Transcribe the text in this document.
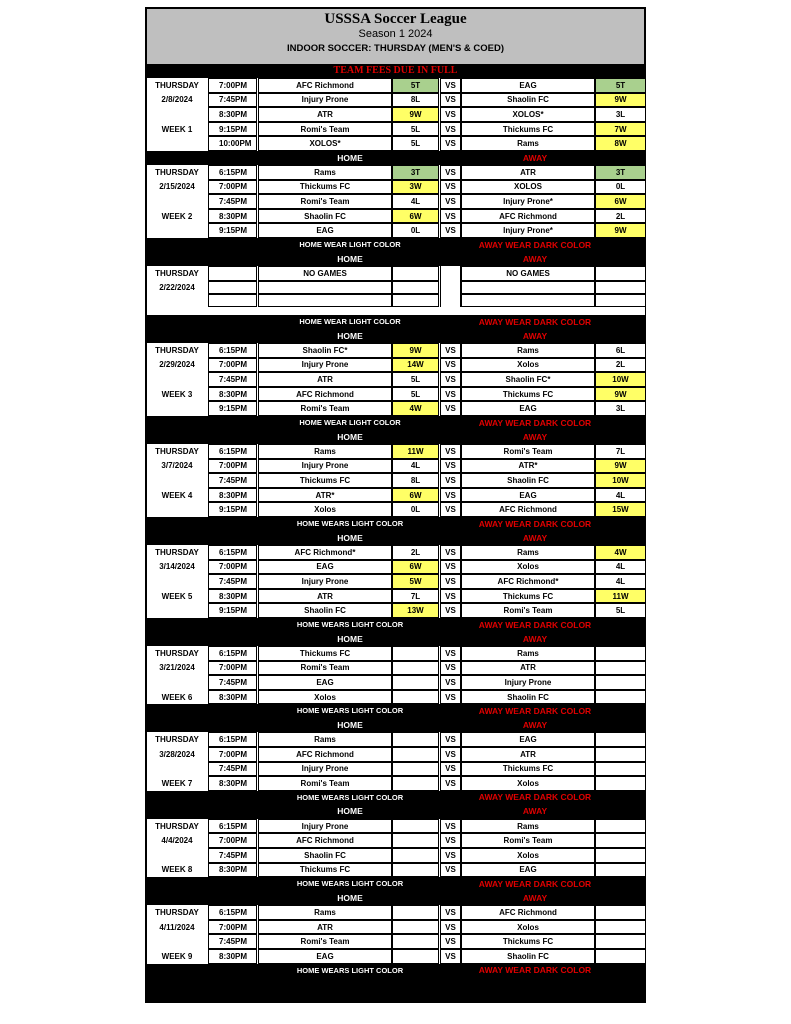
USSSA Soccer League
Season 1 2024
INDOOR SOCCER: THURSDAY (MEN'S & COED)
TEAM FEES DUE IN FULL
THURSDAY	7:00PM	AFC Richmond	5T	VS	EAG	5T
2/8/2024	7:45PM	Injury Prone	8L	VS	Shaolin FC	9W
8:30PM	ATR	9W	VS	XOLOS*	3L
WEEK 1	9:15PM	Romi's Team	5L	VS	Thickums FC	7W
10:00PM	XOLOS*	5L	VS	Rams	8W
HOME	AWAY
THURSDAY	6:15PM	Rams	3T	VS	ATR	3T
2/15/2024	7:00PM	Thickums FC	3W	VS	XOLOS	0L
7:45PM	Romi's Team	4L	VS	Injury Prone*	6W
WEEK 2	8:30PM	Shaolin FC	6W	VS	AFC Richmond	2L
9:15PM	EAG	0L	VS	Injury Prone*	9W
HOME WEAR LIGHT COLOR	AWAY WEAR DARK COLOR
HOME	AWAY
THURSDAY	NO GAMES	NO GAMES
2/22/2024
HOME WEAR LIGHT COLOR	AWAY WEAR DARK COLOR
HOME	AWAY
THURSDAY	6:15PM	Shaolin FC*	9W	VS	Rams	6L
2/29/2024	7:00PM	Injury Prone	14W	VS	Xolos	2L
7:45PM	ATR	5L	VS	Shaolin FC*	10W
WEEK 3	8:30PM	AFC Richmond	5L	VS	Thickums FC	9W
9:15PM	Romi's Team	4W	VS	EAG	3L
HOME WEAR LIGHT COLOR	AWAY WEAR DARK COLOR
HOME	AWAY
THURSDAY	6:15PM	Rams	11W	VS	Romi's Team	7L
3/7/2024	7:00PM	Injury Prone	4L	VS	ATR*	9W
7:45PM	Thickums FC	8L	VS	Shaolin FC	10W
WEEK 4	8:30PM	ATR*	6W	VS	EAG	4L
9:15PM	Xolos	0L	VS	AFC Richmond	15W
HOME WEARS LIGHT COLOR	AWAY WEAR DARK COLOR
HOME	AWAY
THURSDAY	6:15PM	AFC Richmond*	2L	VS	Rams	4W
3/14/2024	7:00PM	EAG	6W	VS	Xolos	4L
7:45PM	Injury Prone	5W	VS	AFC Richmond*	4L
WEEK 5	8:30PM	ATR	7L	VS	Thickums FC	11W
9:15PM	Shaolin FC	13W	VS	Romi's Team	5L
HOME WEARS LIGHT COLOR	AWAY WEAR DARK COLOR
HOME	AWAY
THURSDAY	6:15PM	Thickums FC	VS	Rams
3/21/2024	7:00PM	Romi's Team	VS	ATR
7:45PM	EAG	VS	Injury Prone
WEEK 6	8:30PM	Xolos	VS	Shaolin FC
HOME WEARS LIGHT COLOR	AWAY WEAR DARK COLOR
HOME	AWAY
THURSDAY	6:15PM	Rams	VS	EAG
3/28/2024	7:00PM	AFC Richmond	VS	ATR
7:45PM	Injury Prone	VS	Thickums FC
WEEK 7	8:30PM	Romi's Team	VS	Xolos
HOME WEARS LIGHT COLOR	AWAY WEAR DARK COLOR
HOME	AWAY
THURSDAY	6:15PM	Injury Prone	VS	Rams
4/4/2024	7:00PM	AFC Richmond	VS	Romi's Team
7:45PM	Shaolin FC	VS	Xolos
WEEK 8	8:30PM	Thickums FC	VS	EAG
HOME WEARS LIGHT COLOR	AWAY WEAR DARK COLOR
HOME	AWAY
THURSDAY	6:15PM	Rams	VS	AFC Richmond
4/11/2024	7:00PM	ATR	VS	Xolos
7:45PM	Romi's Team	VS	Thickums FC
WEEK 9	8:30PM	EAG	VS	Shaolin FC
HOME WEARS LIGHT COLOR	AWAY WEAR DARK COLOR
